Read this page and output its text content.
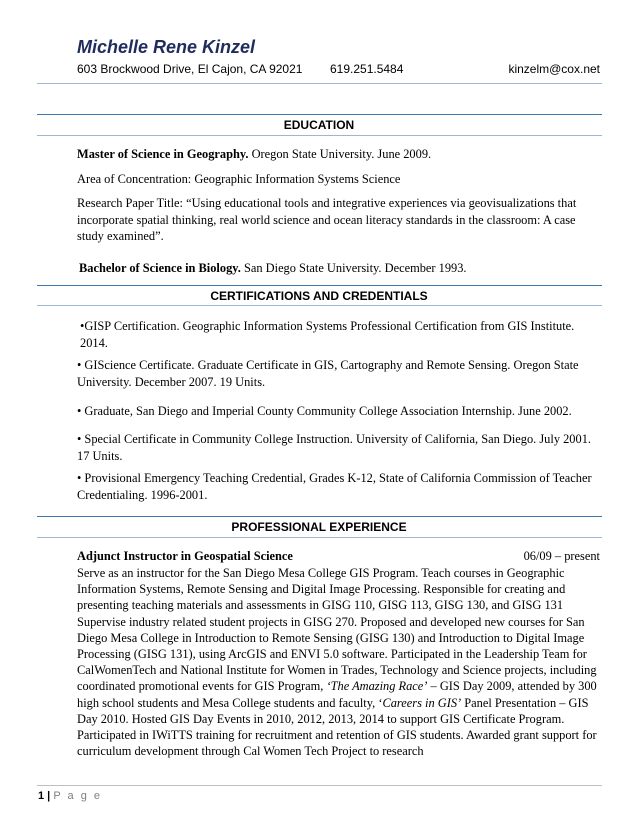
Michelle Rene Kinzel
603 Brockwood Drive, El Cajon, CA 92021 619.251.5484	kinzelm@cox.net
EDUCATION
Master of Science in Geography. Oregon State University. June 2009.
Area of Concentration: Geographic Information Systems Science
Research Paper Title: “Using educational tools and integrative experiences via geovisualizations that incorporate spatial thinking, real world science and ocean literacy standards in the classroom: A case study examined”.
Bachelor of Science in Biology. San Diego State University. December 1993.
CERTIFICATIONS AND CREDENTIALS
•GISP Certification. Geographic Information Systems Professional Certification from GIS Institute. 2014.
• GIScience Certificate. Graduate Certificate in GIS, Cartography and Remote Sensing. Oregon State University. December 2007. 19 Units.
• Graduate, San Diego and Imperial County Community College Association Internship. June 2002.
• Special Certificate in Community College Instruction. University of California, San Diego. July 2001. 17 Units.
• Provisional Emergency Teaching Credential, Grades K-12, State of California Commission of Teacher Credentialing. 1996-2001.
PROFESSIONAL EXPERIENCE
Adjunct Instructor in Geospatial Science	06/09 – present
Serve as an instructor for the San Diego Mesa College GIS Program. Teach courses in Geographic Information Systems, Remote Sensing and Digital Image Processing. Responsible for creating and presenting teaching materials and assessments in GISG 110, GISG 113, GISG 130, and GISG 131 Supervise industry related student projects in GISG 270. Proposed and developed new courses for San Diego Mesa College in Introduction to Remote Sensing (GISG 130) and Introduction to Digital Image Processing (GISG 131), using ArcGIS and ENVI 5.0 software. Participated in the Leadership Team for CalWomenTech and National Institute for Women in Trades, Technology and Science projects, including coordinated promotional events for GIS Program, ‘The Amazing Race’ – GIS Day 2009, attended by 300 high school students and Mesa College students and faculty, ‘Careers in GIS’ Panel Presentation – GIS Day 2010. Hosted GIS Day Events in 2010, 2012, 2013, 2014 to support GIS Certificate Program. Participated in IWiTTS training for recruitment and retention of GIS students. Awarded grant support for curriculum development through Cal Women Tech Project to research
1 | P a g e
